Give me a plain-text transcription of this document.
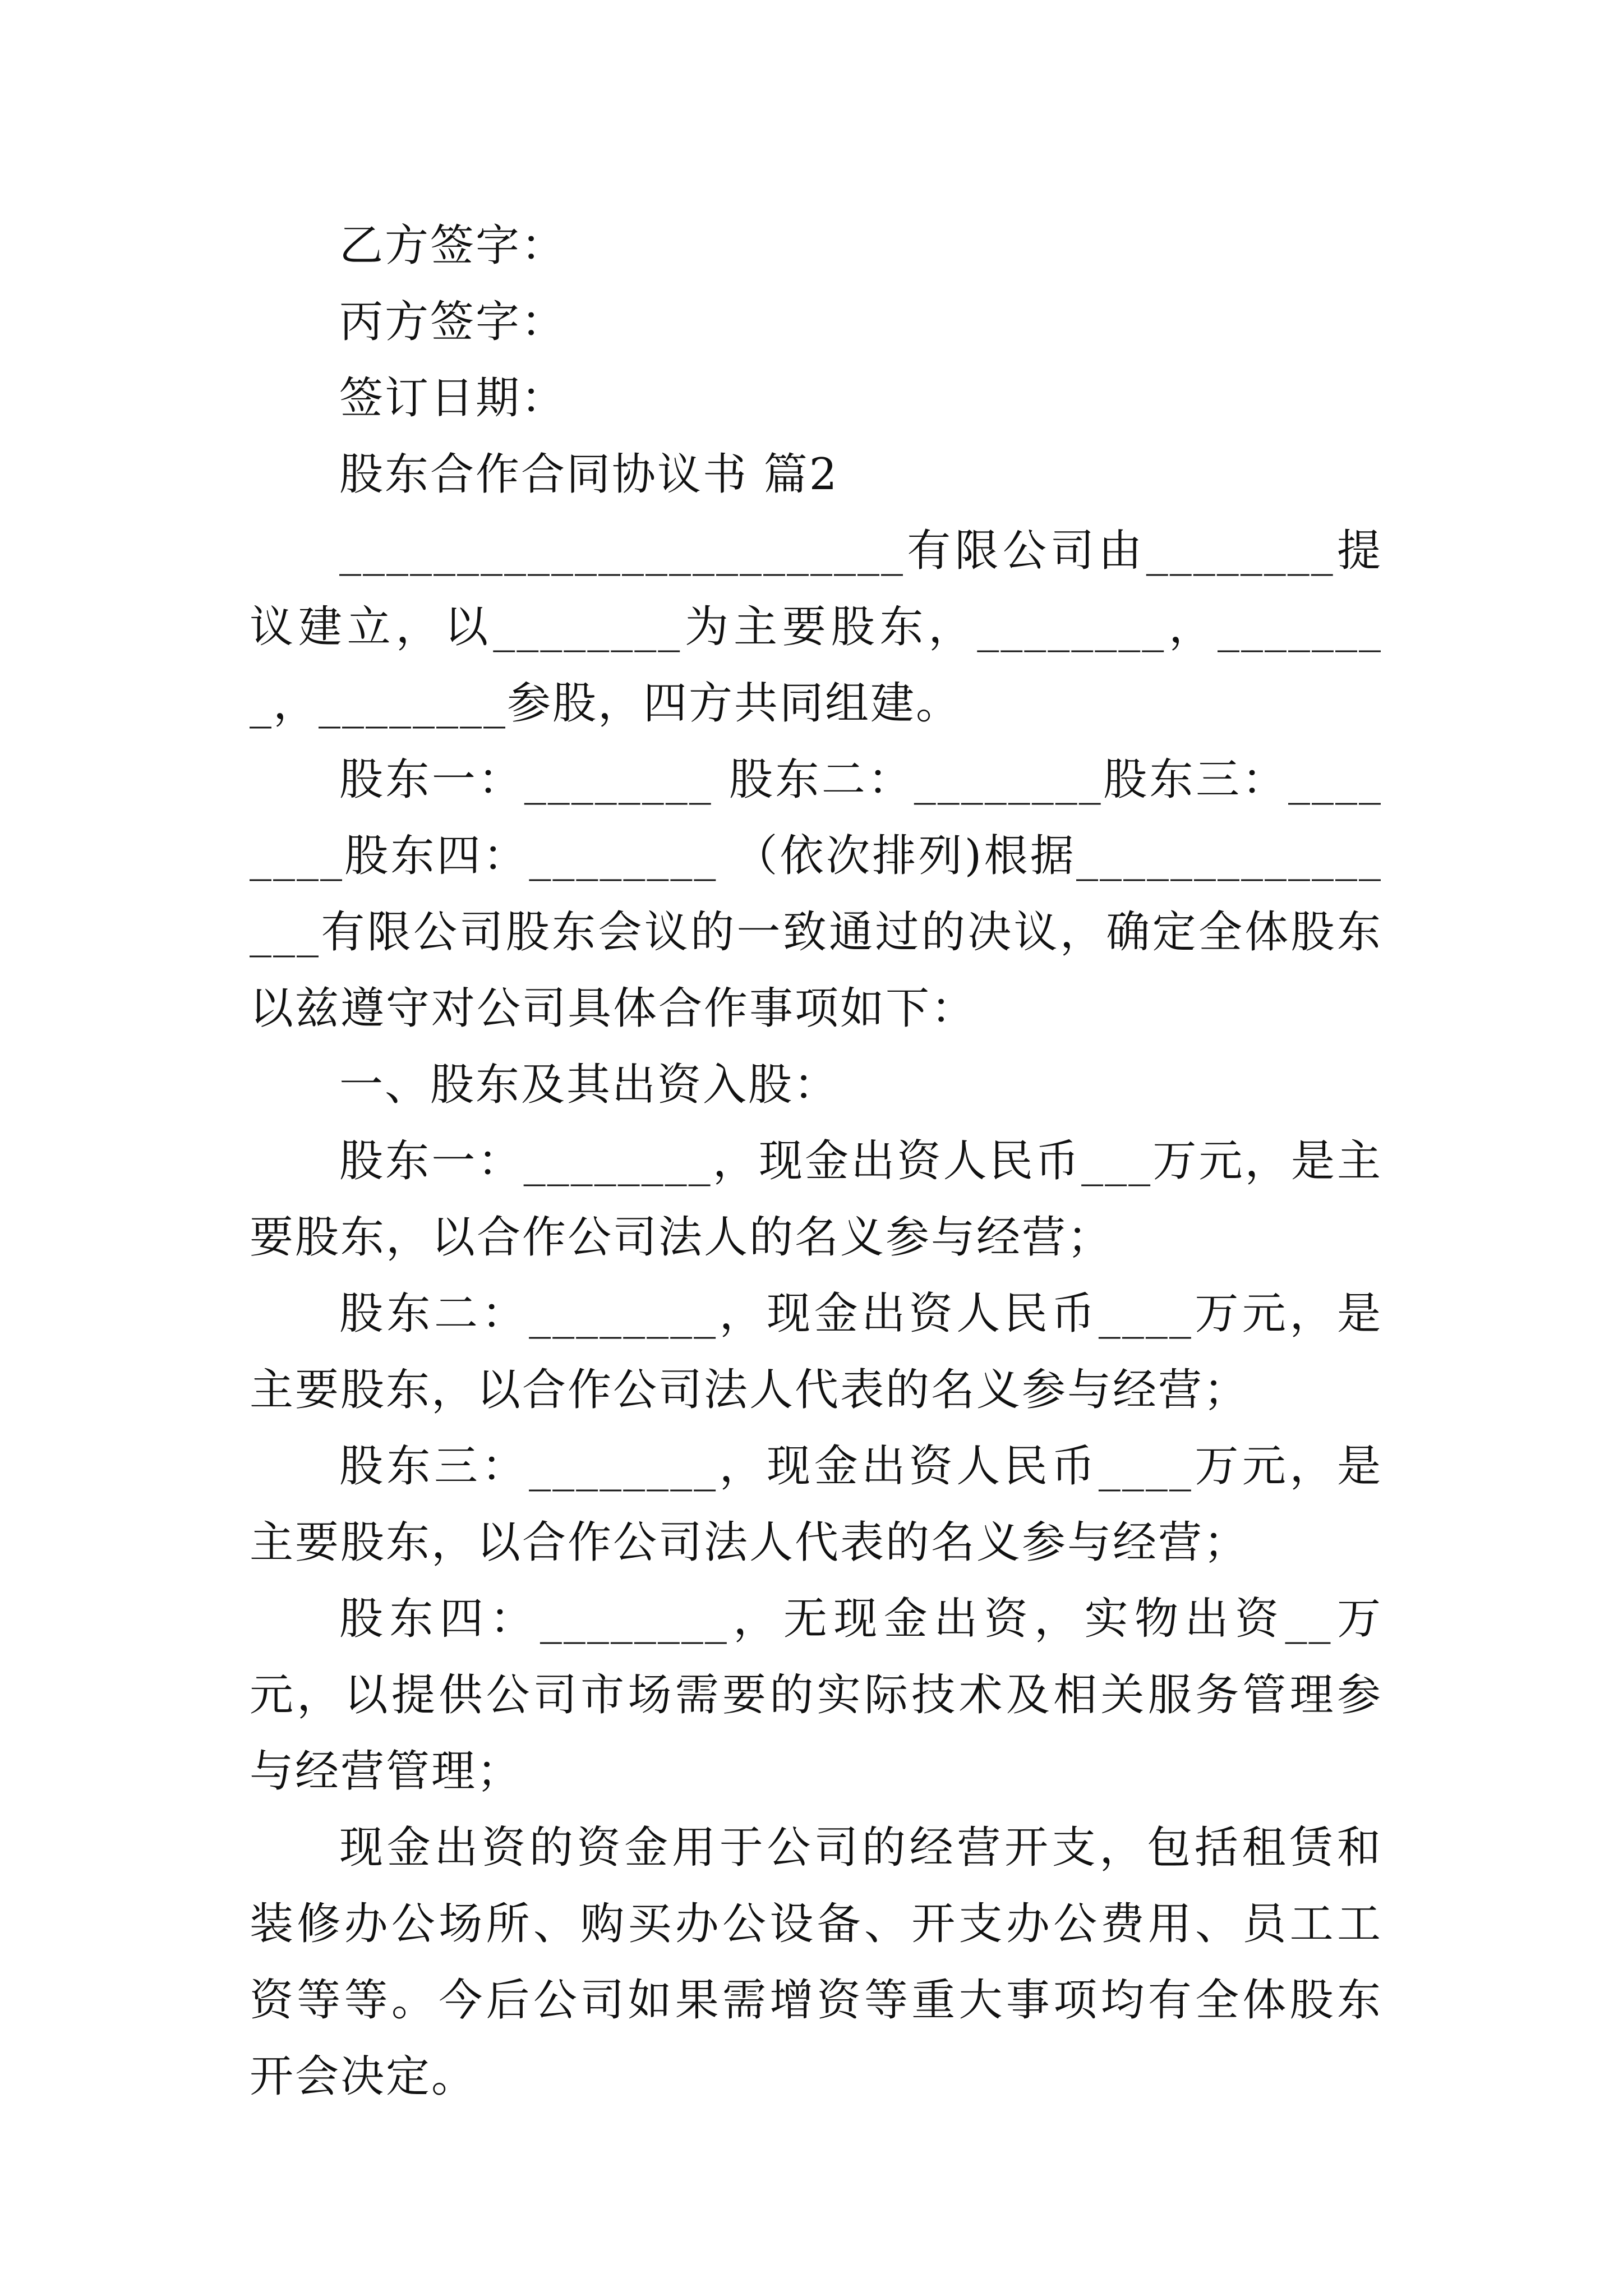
乙方签字：

丙方签字：

签订日期：

股东合作合同协议书 篇2

________________________有限公司由________提议建立，以________为主要股东，________，________，________参股，四方共同组建。

股东一：________ 股东二：________股东三：________股东四：________ （依次排列)根据________________有限公司股东会议的一致通过的决议，确定全体股东以兹遵守对公司具体合作事项如下：

一、股东及其出资入股：

股东一：________，现金出资人民币___万元，是主要股东，以合作公司法人的名义参与经营；

股东二：________，现金出资人民币____万元，是主要股东，以合作公司法人代表的名义参与经营；

股东三：________，现金出资人民币____万元，是主要股东，以合作公司法人代表的名义参与经营；

股东四：________，无现金出资，实物出资__万元，以提供公司市场需要的实际技术及相关服务管理参与经营管理；

现金出资的资金用于公司的经营开支，包括租赁和装修办公场所、购买办公设备、开支办公费用、员工工资等等。今后公司如果需增资等重大事项均有全体股东开会决定。
